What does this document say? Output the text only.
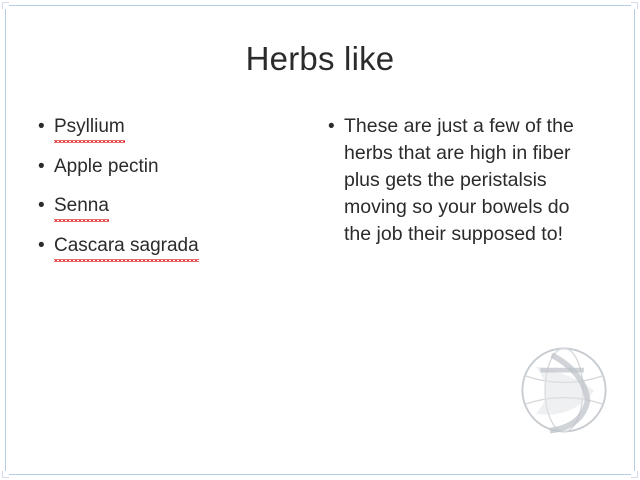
Herbs like
• Psyllium
• Apple pectin
• Senna
• Cascara sagrada
• These are just a few of the herbs that are high in fiber plus gets the peristalsis moving so your bowels do the job their supposed to!
